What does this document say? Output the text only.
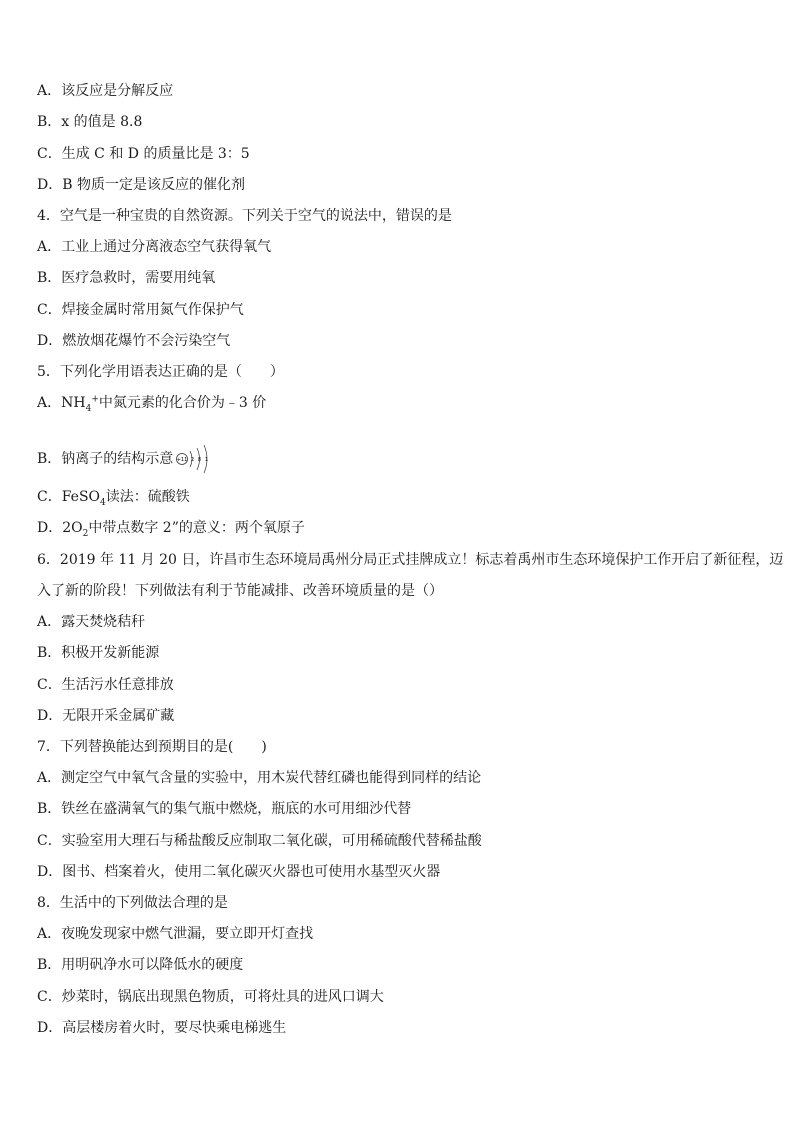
A．该反应是分解反应
B．x 的值是 8.8
C．生成 C 和 D 的质量比是 3：5
D．B 物质一定是该反应的催化剂
4．空气是一种宝贵的自然资源。下列关于空气的说法中，错误的是
A．工业上通过分离液态空气获得氧气
B．医疗急救时，需要用纯氧
C．焊接金属时常用氮气作保护气
D．燃放烟花爆竹不会污染空气
5．下列化学用语表达正确的是（　　）
A．$NH_4^+$中氮元素的化合价为﹣3 价
B．钠离子的结构示意 +11 2 8 1
C．FeSO$_4$读法：硫酸铁
D．$2O_2$中带点数字 2”的意义：两个氧原子
6．2019 年 11 月 20 日，许昌市生态环境局禹州分局正式挂牌成立！标志着禹州市生态环境保护工作开启了新征程，迈
入了新的阶段！下列做法有利于节能减排、改善环境质量的是（）
A．露天焚烧秸秆
B．积极开发新能源
C．生活污水任意排放
D．无限开采金属矿藏
7．下列替换能达到预期目的是(　　)
A．测定空气中氧气含量的实验中，用木炭代替红磷也能得到同样的结论
B．铁丝在盛满氧气的集气瓶中燃烧，瓶底的水可用细沙代替
C．实验室用大理石与稀盐酸反应制取二氧化碳，可用稀硫酸代替稀盐酸
D．图书、档案着火，使用二氧化碳灭火器也可使用水基型灭火器
8．生活中的下列做法合理的是
A．夜晚发现家中燃气泄漏，要立即开灯查找
B．用明矾净水可以降低水的硬度
C．炒菜时，锅底出现黑色物质，可将灶具的进风口调大
D．高层楼房着火时，要尽快乘电梯逃生
